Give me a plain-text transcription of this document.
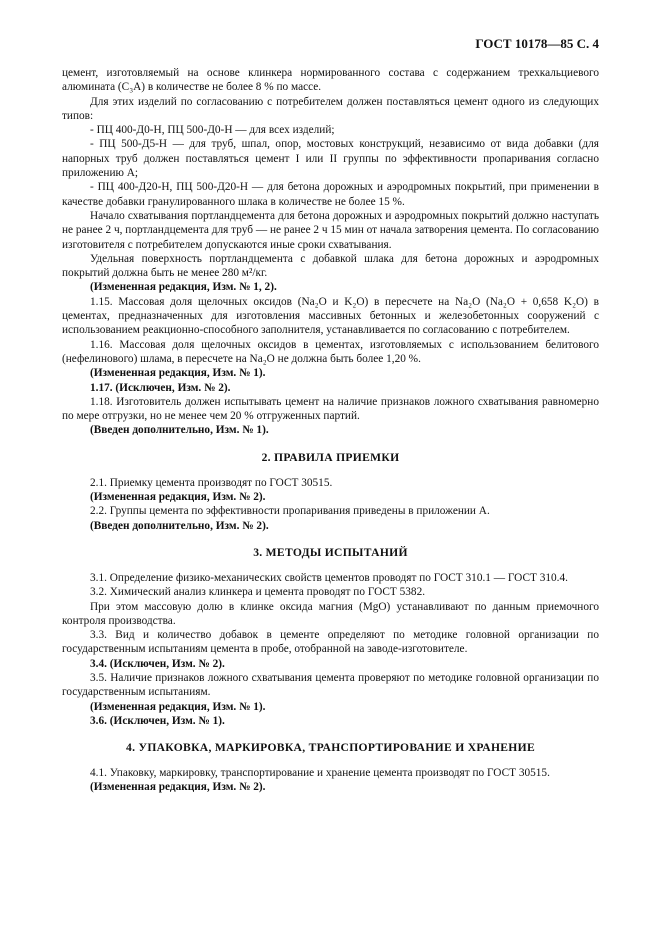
ГОСТ 10178—85 С. 4

цемент, изготовляемый на основе клинкера нормированного состава с содержанием трехкальциевого алюмината (С₃А) в количестве не более 8 % по массе.

Для этих изделий по согласованию с потребителем должен поставляться цемент одного из следующих типов:

- ПЦ 400-Д0-Н, ПЦ 500-Д0-Н — для всех изделий;

- ПЦ 500-Д5-Н — для труб, шпал, опор, мостовых конструкций, независимо от вида добавки (для напорных труб должен поставляться цемент I или II группы по эффективности пропаривания согласно приложению А;

- ПЦ 400-Д20-Н, ПЦ 500-Д20-Н — для бетона дорожных и аэродромных покрытий, при применении в качестве добавки гранулированного шлака в количестве не более 15 %.

Начало схватывания портландцемента для бетона дорожных и аэродромных покрытий должно наступать не ранее 2 ч, портландцемента для труб — не ранее 2 ч 15 мин от начала затворения цемента. По согласованию изготовителя с потребителем допускаются иные сроки схватывания.

Удельная поверхность портландцемента с добавкой шлака для бетона дорожных и аэродромных покрытий должна быть не менее 280 м²/кг.

(Измененная редакция, Изм. № 1, 2).

1.15. Массовая доля щелочных оксидов (Na₂O и K₂O) в пересчете на Na₂O (Na₂O + 0,658 K₂O) в цементах, предназначенных для изготовления массивных бетонных и железобетонных сооружений с использованием реакционно-способного заполнителя, устанавливается по согласованию с потребителем.

1.16. Массовая доля щелочных оксидов в цементах, изготовляемых с использованием белитового (нефелинового) шлама, в пересчете на Na₂O не должна быть более 1,20 %.

(Измененная редакция, Изм. № 1).

1.17. (Исключен, Изм. № 2).

1.18. Изготовитель должен испытывать цемент на наличие признаков ложного схватывания равномерно по мере отгрузки, но не менее чем 20 % отгруженных партий.

(Введен дополнительно, Изм. № 1).

2. ПРАВИЛА ПРИЕМКИ

2.1. Приемку цемента производят по ГОСТ 30515.

(Измененная редакция, Изм. № 2).

2.2. Группы цемента по эффективности пропаривания приведены в приложении А.

(Введен дополнительно, Изм. № 2).

3. МЕТОДЫ ИСПЫТАНИЙ

3.1. Определение физико-механических свойств цементов проводят по ГОСТ 310.1 — ГОСТ 310.4.

3.2. Химический анализ клинкера и цемента проводят по ГОСТ 5382.

При этом массовую долю в клинке оксида магния (MgO) устанавливают по данным приемочного контроля производства.

3.3. Вид и количество добавок в цементе определяют по методике головной организации по государственным испытаниям цемента в пробе, отобранной на заводе-изготовителе.

3.4. (Исключен, Изм. № 2).

3.5. Наличие признаков ложного схватывания цемента проверяют по методике головной организации по государственным испытаниям.

(Измененная редакция, Изм. № 1).

3.6. (Исключен, Изм. № 1).

4. УПАКОВКА, МАРКИРОВКА, ТРАНСПОРТИРОВАНИЕ И ХРАНЕНИЕ

4.1. Упаковку, маркировку, транспортирование и хранение цемента производят по ГОСТ 30515.

(Измененная редакция, Изм. № 2).
